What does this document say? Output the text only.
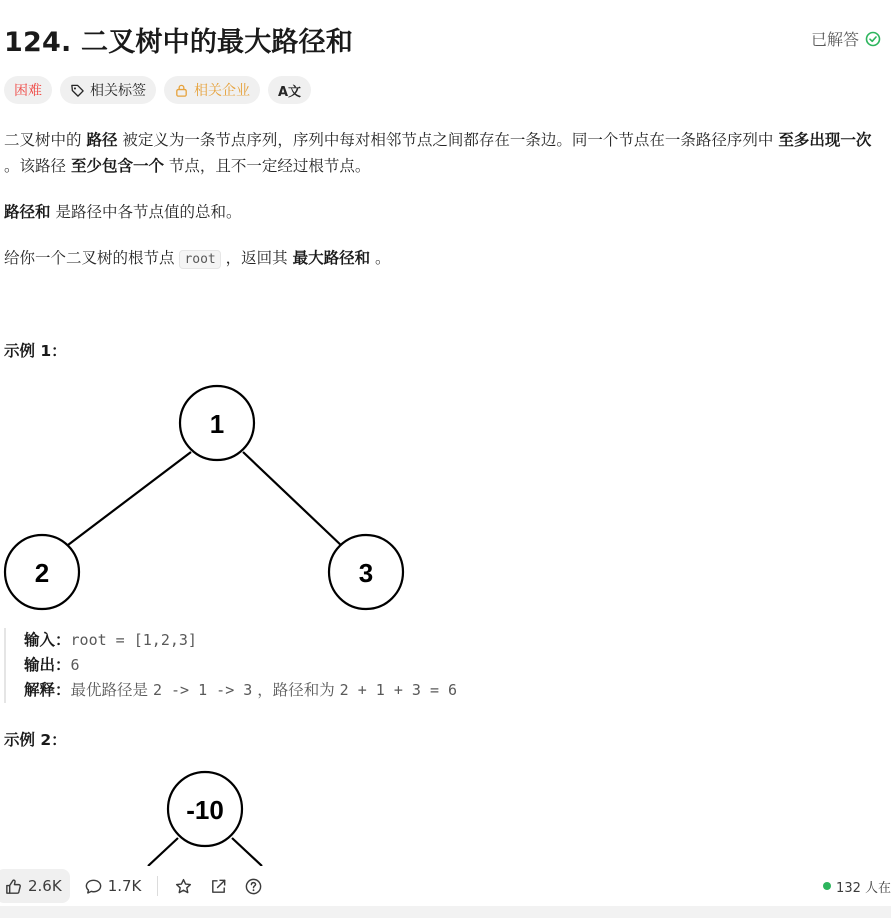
124. 二叉树中的最大路径和	已解答
困难	相关标签	相关企业 A文
二叉树中的 路径 被定义为一条节点序列，序列中每对相邻节点之间都存在一条边。同一个节点在一条路径序列中 至多出现一次 。该路径 至少包含一个 节点，且不一定经过根节点。
路径和 是路径中各节点值的总和。
给你一个二叉树的根节点 root ，返回其 最大路径和 。
示例 1：
1
2	3
输入：root = [1,2,3]
输出：6
解释：最优路径是 2 -> 1 -> 3 ，路径和为 2 + 1 + 3 = 6
示例 2：
-10
2.6K	1.7K	132 人在
